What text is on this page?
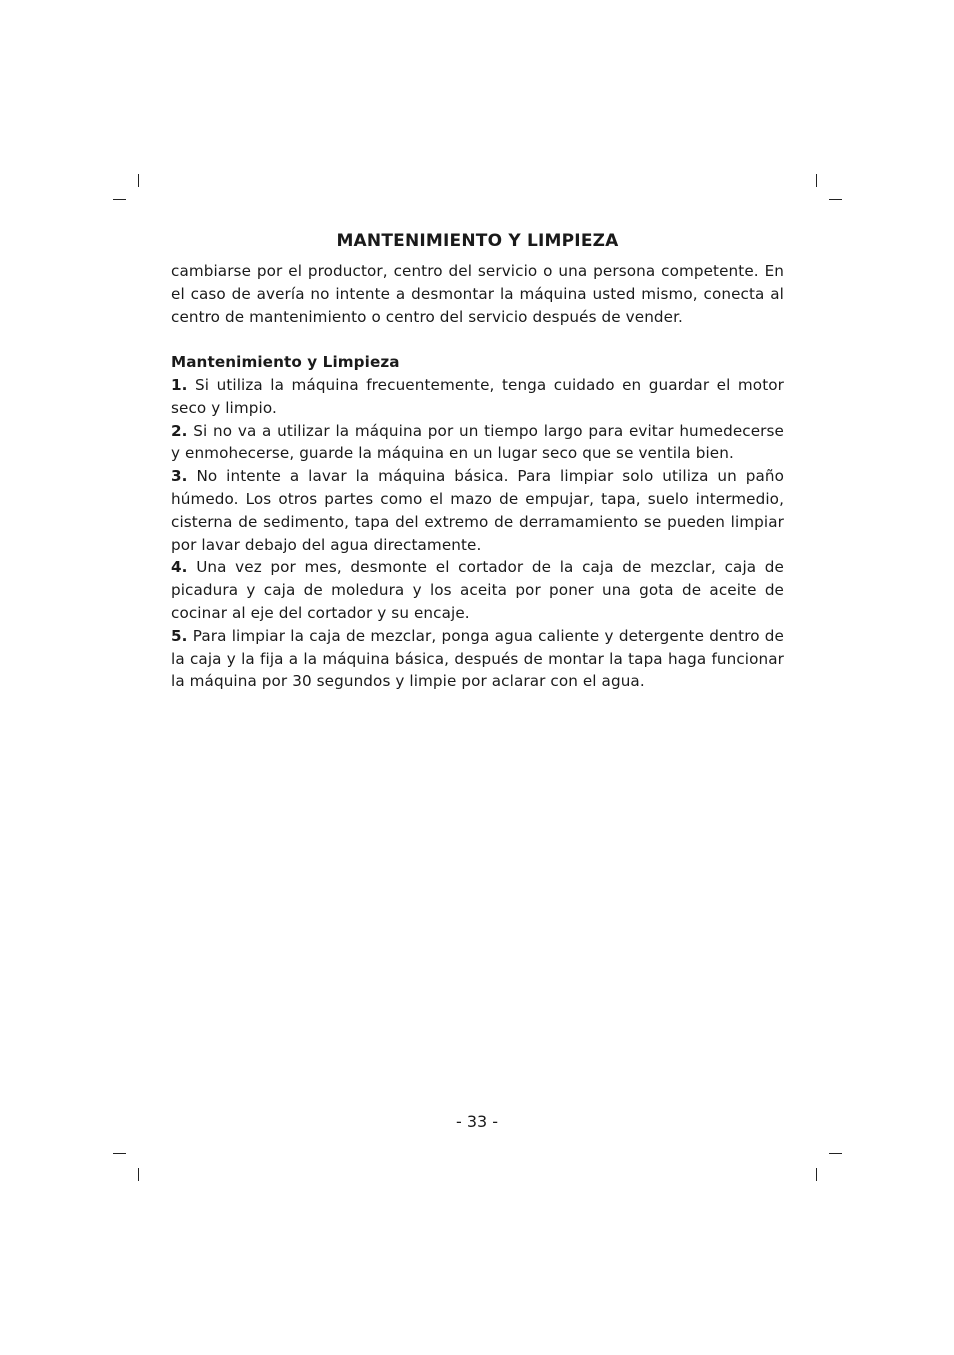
MANTENIMIENTO Y LIMPIEZA

cambiarse por el productor, centro del servicio o una persona competente. En el caso de avería no intente a desmontar la máquina usted mismo, conecta al centro de mantenimiento o centro del servicio después de vender.

Mantenimiento y Limpieza

1. Si utiliza la máquina frecuentemente, tenga cuidado en guardar el motor seco y limpio.

2. Si no va a utilizar la máquina por un tiempo largo para evitar humedecerse y enmohecerse, guarde la máquina en un lugar seco que se ventila bien.

3. No intente a lavar la máquina básica. Para limpiar solo utiliza un paño húmedo. Los otros partes como el mazo de empujar, tapa, suelo intermedio, cisterna de sedimento, tapa del extremo de derramamiento se pueden limpiar por lavar debajo del agua directamente.

4. Una vez por mes, desmonte el cortador de la caja de mezclar, caja de picadura y caja de moledura y los aceita por poner una gota de aceite de cocinar al eje del cortador y su encaje.

5. Para limpiar la caja de mezclar, ponga agua caliente y detergente dentro de la caja y la fija a la máquina básica, después de montar la tapa haga funcionar la máquina por 30 segundos y limpie por aclarar con el agua.

- 33 -
